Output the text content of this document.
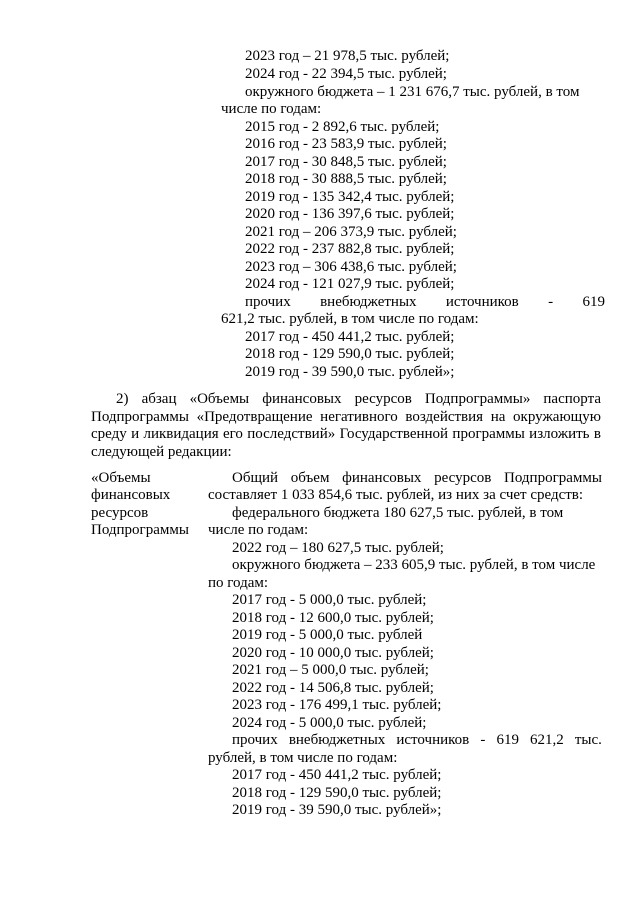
2023 год – 21 978,5 тыс. рублей;
2024 год - 22 394,5 тыс. рублей;
окружного бюджета – 1 231 676,7 тыс. рублей, в том
числе по годам:
2015 год - 2 892,6 тыс. рублей;
2016 год - 23 583,9 тыс. рублей;
2017 год - 30 848,5 тыс. рублей;
2018 год - 30 888,5 тыс. рублей;
2019 год - 135 342,4 тыс. рублей;
2020 год - 136 397,6 тыс. рублей;
2021 год – 206 373,9 тыс. рублей;
2022 год - 237 882,8 тыс. рублей;
2023 год – 306 438,6 тыс. рублей;
2024 год - 121 027,9 тыс. рублей;
прочих внебюджетных источников - 619
621,2 тыс. рублей, в том числе по годам:
2017 год - 450 441,2 тыс. рублей;
2018 год - 129 590,0 тыс. рублей;
2019 год - 39 590,0 тыс. рублей»;
2) абзац «Объемы финансовых ресурсов Подпрограммы» паспорта
Подпрограммы «Предотвращение негативного воздействия на окружающую
среду и ликвидация его последствий» Государственной программы изложить в
следующей редакции:
«Объемы
финансовых
ресурсов
Подпрограммы
Общий объем финансовых ресурсов Подпрограммы
составляет 1 033 854,6 тыс. рублей, из них за счет средств:
федерального бюджета 180 627,5 тыс. рублей, в том
числе по годам:
2022 год – 180 627,5 тыс. рублей;
окружного бюджета – 233 605,9 тыс. рублей, в том числе
по годам:
2017 год - 5 000,0 тыс. рублей;
2018 год - 12 600,0 тыс. рублей;
2019 год - 5 000,0 тыс. рублей
2020 год - 10 000,0 тыс. рублей;
2021 год – 5 000,0 тыс. рублей;
2022 год - 14 506,8 тыс. рублей;
2023 год - 176 499,1 тыс. рублей;
2024 год - 5 000,0 тыс. рублей;
прочих внебюджетных источников - 619 621,2 тыс.
рублей, в том числе по годам:
2017 год - 450 441,2 тыс. рублей;
2018 год - 129 590,0 тыс. рублей;
2019 год - 39 590,0 тыс. рублей»;
